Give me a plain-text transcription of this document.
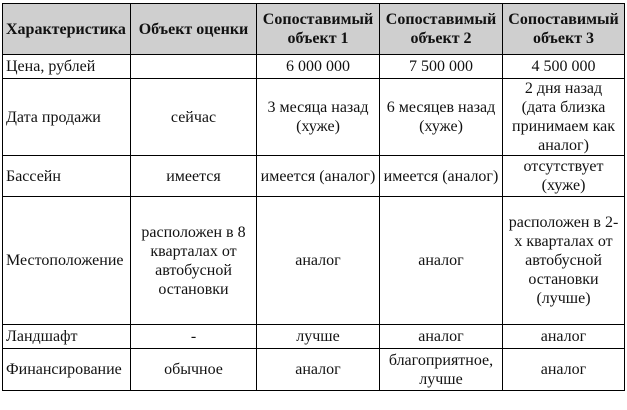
Характеристика	Объект оценки	Сопоставимый объект 1	Сопоставимый объект 2	Сопоставимый объект 3
Цена, рублей		6 000 000	7 500 000	4 500 000
Дата продажи	сейчас	3 месяца назад (хуже)	6 месяцев назад (хуже)	2 дня назад (дата близка принимаем как аналог)
Бассейн	имеется	имеется (аналог)	имеется (аналог)	отсутствует (хуже)
Местоположение	расположен в 8 кварталах от автобусной остановки	аналог	аналог	расположен в 2-х кварталах от автобусной остановки (лучше)
Ландшафт	-	лучше	аналог	аналог
Финансирование	обычное	аналог	благоприятное, лучше	аналог
